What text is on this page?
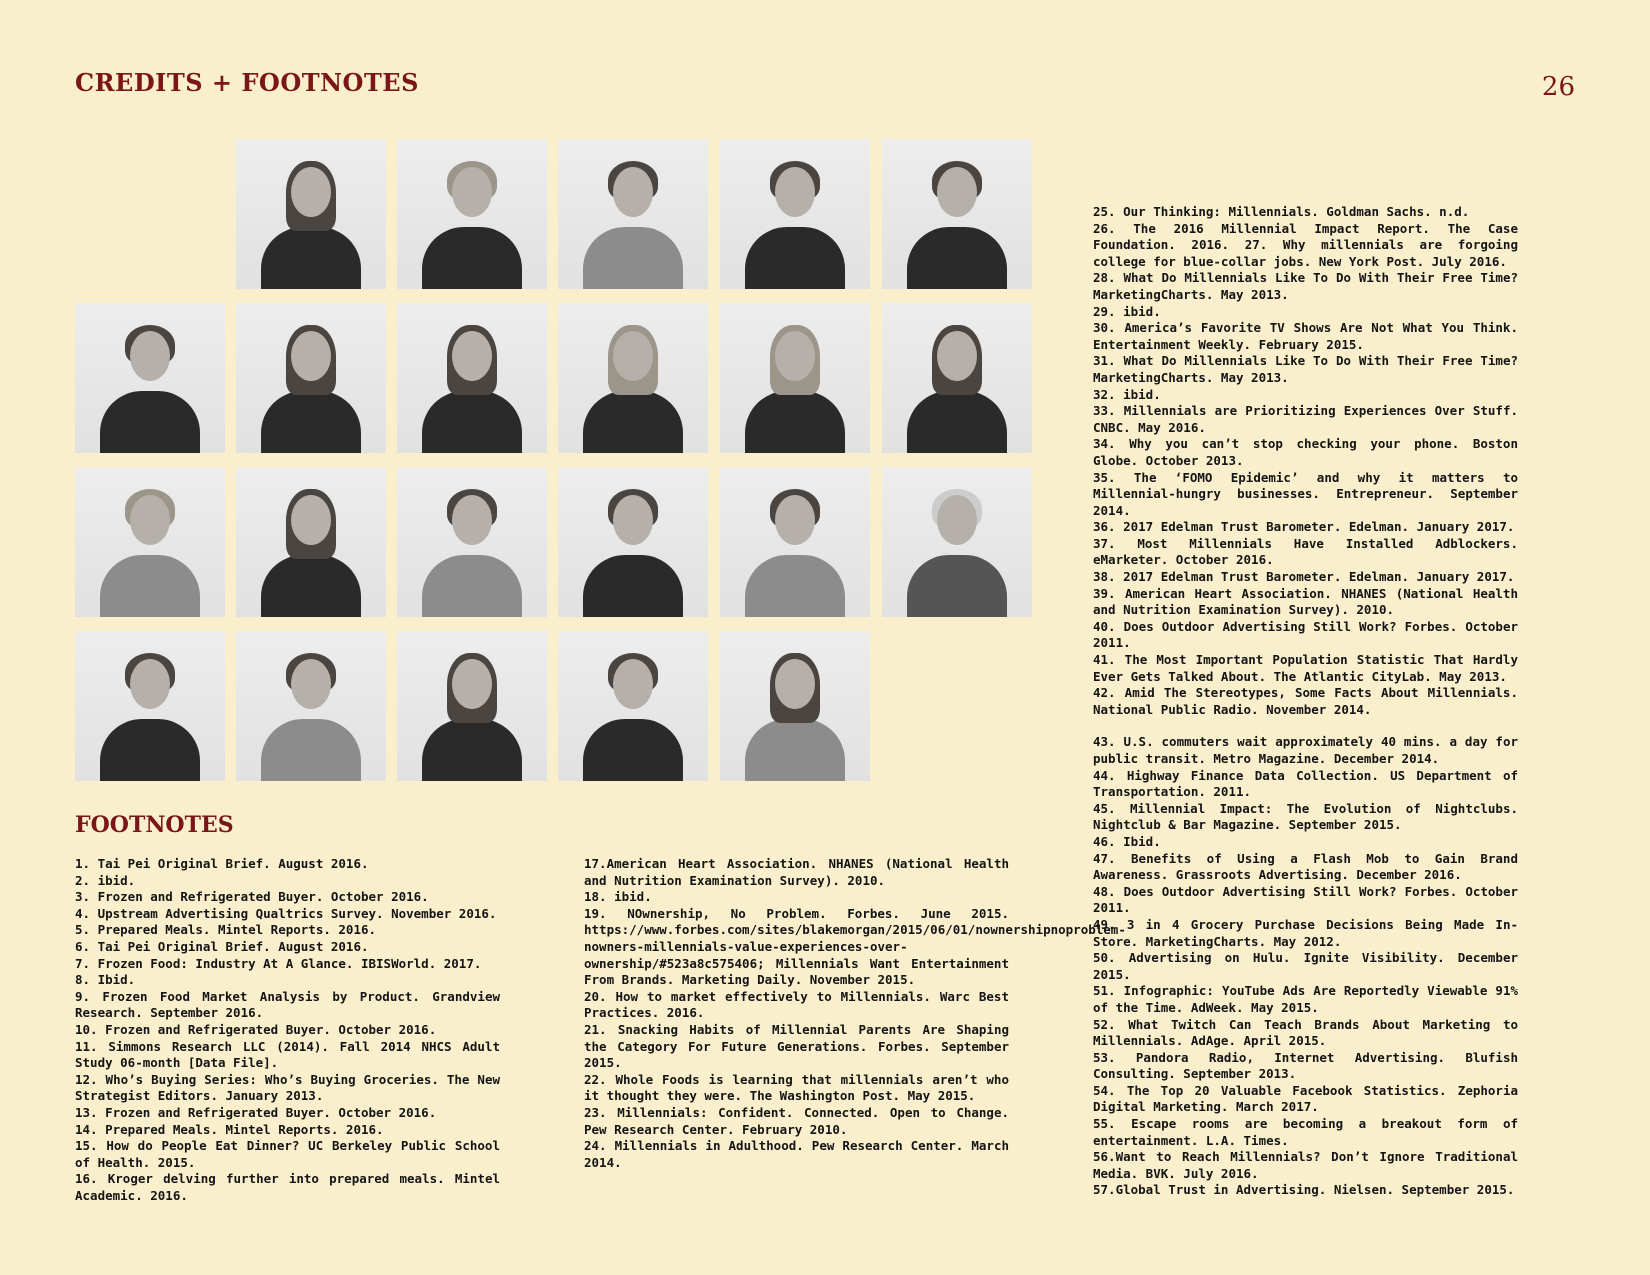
CREDITS + FOOTNOTES	26
FOOTNOTES

1. Tai Pei Original Brief. August 2016.

2. ibid.

3. Frozen and Refrigerated Buyer. October 2016.

4. Upstream Advertising Qualtrics Survey. November 2016.

5. Prepared Meals. Mintel Reports. 2016.

6. Tai Pei Original Brief. August 2016.

7. Frozen Food: Industry At A Glance. IBISWorld. 2017.

8. Ibid.

9. Frozen Food Market Analysis by Product. Grandview Research. September 2016.

10. Frozen and Refrigerated Buyer. October 2016.

11. Simmons Research LLC (2014). Fall 2014 NHCS Adult Study 06-month [Data File].

12. Who’s Buying Series: Who’s Buying Groceries. The New Strategist Editors. January 2013.

13. Frozen and Refrigerated Buyer. October 2016.

14. Prepared Meals. Mintel Reports. 2016.

15. How do People Eat Dinner? UC Berkeley Public School of Health. 2015.

16. Kroger delving further into prepared meals. Mintel Academic. 2016.

17.American Heart Association. NHANES (National Health and Nutrition Examination Survey). 2010.

18. ibid.

19. NOwnership, No Problem. Forbes. June 2015. https://www.forbes.com/sites/blakemorgan/2015/06/01/nownershipnoproblem-nowners-millennials-value-experiences-over-ownership/#523a8c575406; Millennials Want Entertainment From Brands. Marketing Daily. November 2015.

20. How to market effectively to Millennials. Warc Best Practices. 2016.

21. Snacking Habits of Millennial Parents Are Shaping the Category For Future Generations. Forbes. September 2015.

22. Whole Foods is learning that millennials aren’t who it thought they were. The Washington Post. May 2015.

23. Millennials: Confident. Connected. Open to Change. Pew Research Center. February 2010.

24. Millennials in Adulthood. Pew Research Center. March 2014.

25. Our Thinking: Millennials. Goldman Sachs. n.d.

26. The 2016 Millennial Impact Report. The Case Foundation. 2016. 27. Why millennials are forgoing college for blue-collar jobs. New York Post. July 2016.

28. What Do Millennials Like To Do With Their Free Time? MarketingCharts. May 2013.

29. ibid.

30. America’s Favorite TV Shows Are Not What You Think. Entertainment Weekly. February 2015.

31. What Do Millennials Like To Do With Their Free Time? MarketingCharts. May 2013.

32. ibid.

33. Millennials are Prioritizing Experiences Over Stuff. CNBC. May 2016.

34. Why you can’t stop checking your phone. Boston Globe. October 2013.

35. The ‘FOMO Epidemic’ and why it matters to Millennial-hungry businesses. Entrepreneur. September 2014.

36. 2017 Edelman Trust Barometer. Edelman. January 2017.

37. Most Millennials Have Installed Adblockers. eMarketer. October 2016.

38. 2017 Edelman Trust Barometer. Edelman. January 2017.

39. American Heart Association. NHANES (National Health and Nutrition Examination Survey). 2010.

40. Does Outdoor Advertising Still Work? Forbes. October 2011.

41. The Most Important Population Statistic That Hardly Ever Gets Talked About. The Atlantic CityLab. May 2013.

42. Amid The Stereotypes, Some Facts About Millennials. National Public Radio. November 2014.

43. U.S. commuters wait approximately 40 mins. a day for public transit. Metro Magazine. December 2014.

44. Highway Finance Data Collection. US Department of Transportation. 2011.

45. Millennial Impact: The Evolution of Nightclubs. Nightclub & Bar Magazine. September 2015.

46. Ibid.

47. Benefits of Using a Flash Mob to Gain Brand Awareness. Grassroots Advertising. December 2016.

48. Does Outdoor Advertising Still Work? Forbes. October 2011.

49. 3 in 4 Grocery Purchase Decisions Being Made In-Store. MarketingCharts. May 2012.

50. Advertising on Hulu. Ignite Visibility. December 2015.

51. Infographic: YouTube Ads Are Reportedly Viewable 91% of the Time. AdWeek. May 2015.

52. What Twitch Can Teach Brands About Marketing to Millennials. AdAge. April 2015.

53. Pandora Radio, Internet Advertising. Blufish Consulting. September 2013.

54. The Top 20 Valuable Facebook Statistics. Zephoria Digital Marketing. March 2017.

55. Escape rooms are becoming a breakout form of entertainment. L.A. Times.

56.Want to Reach Millennials? Don’t Ignore Traditional Media. BVK. July 2016.

57.Global Trust in Advertising. Nielsen. September 2015.
